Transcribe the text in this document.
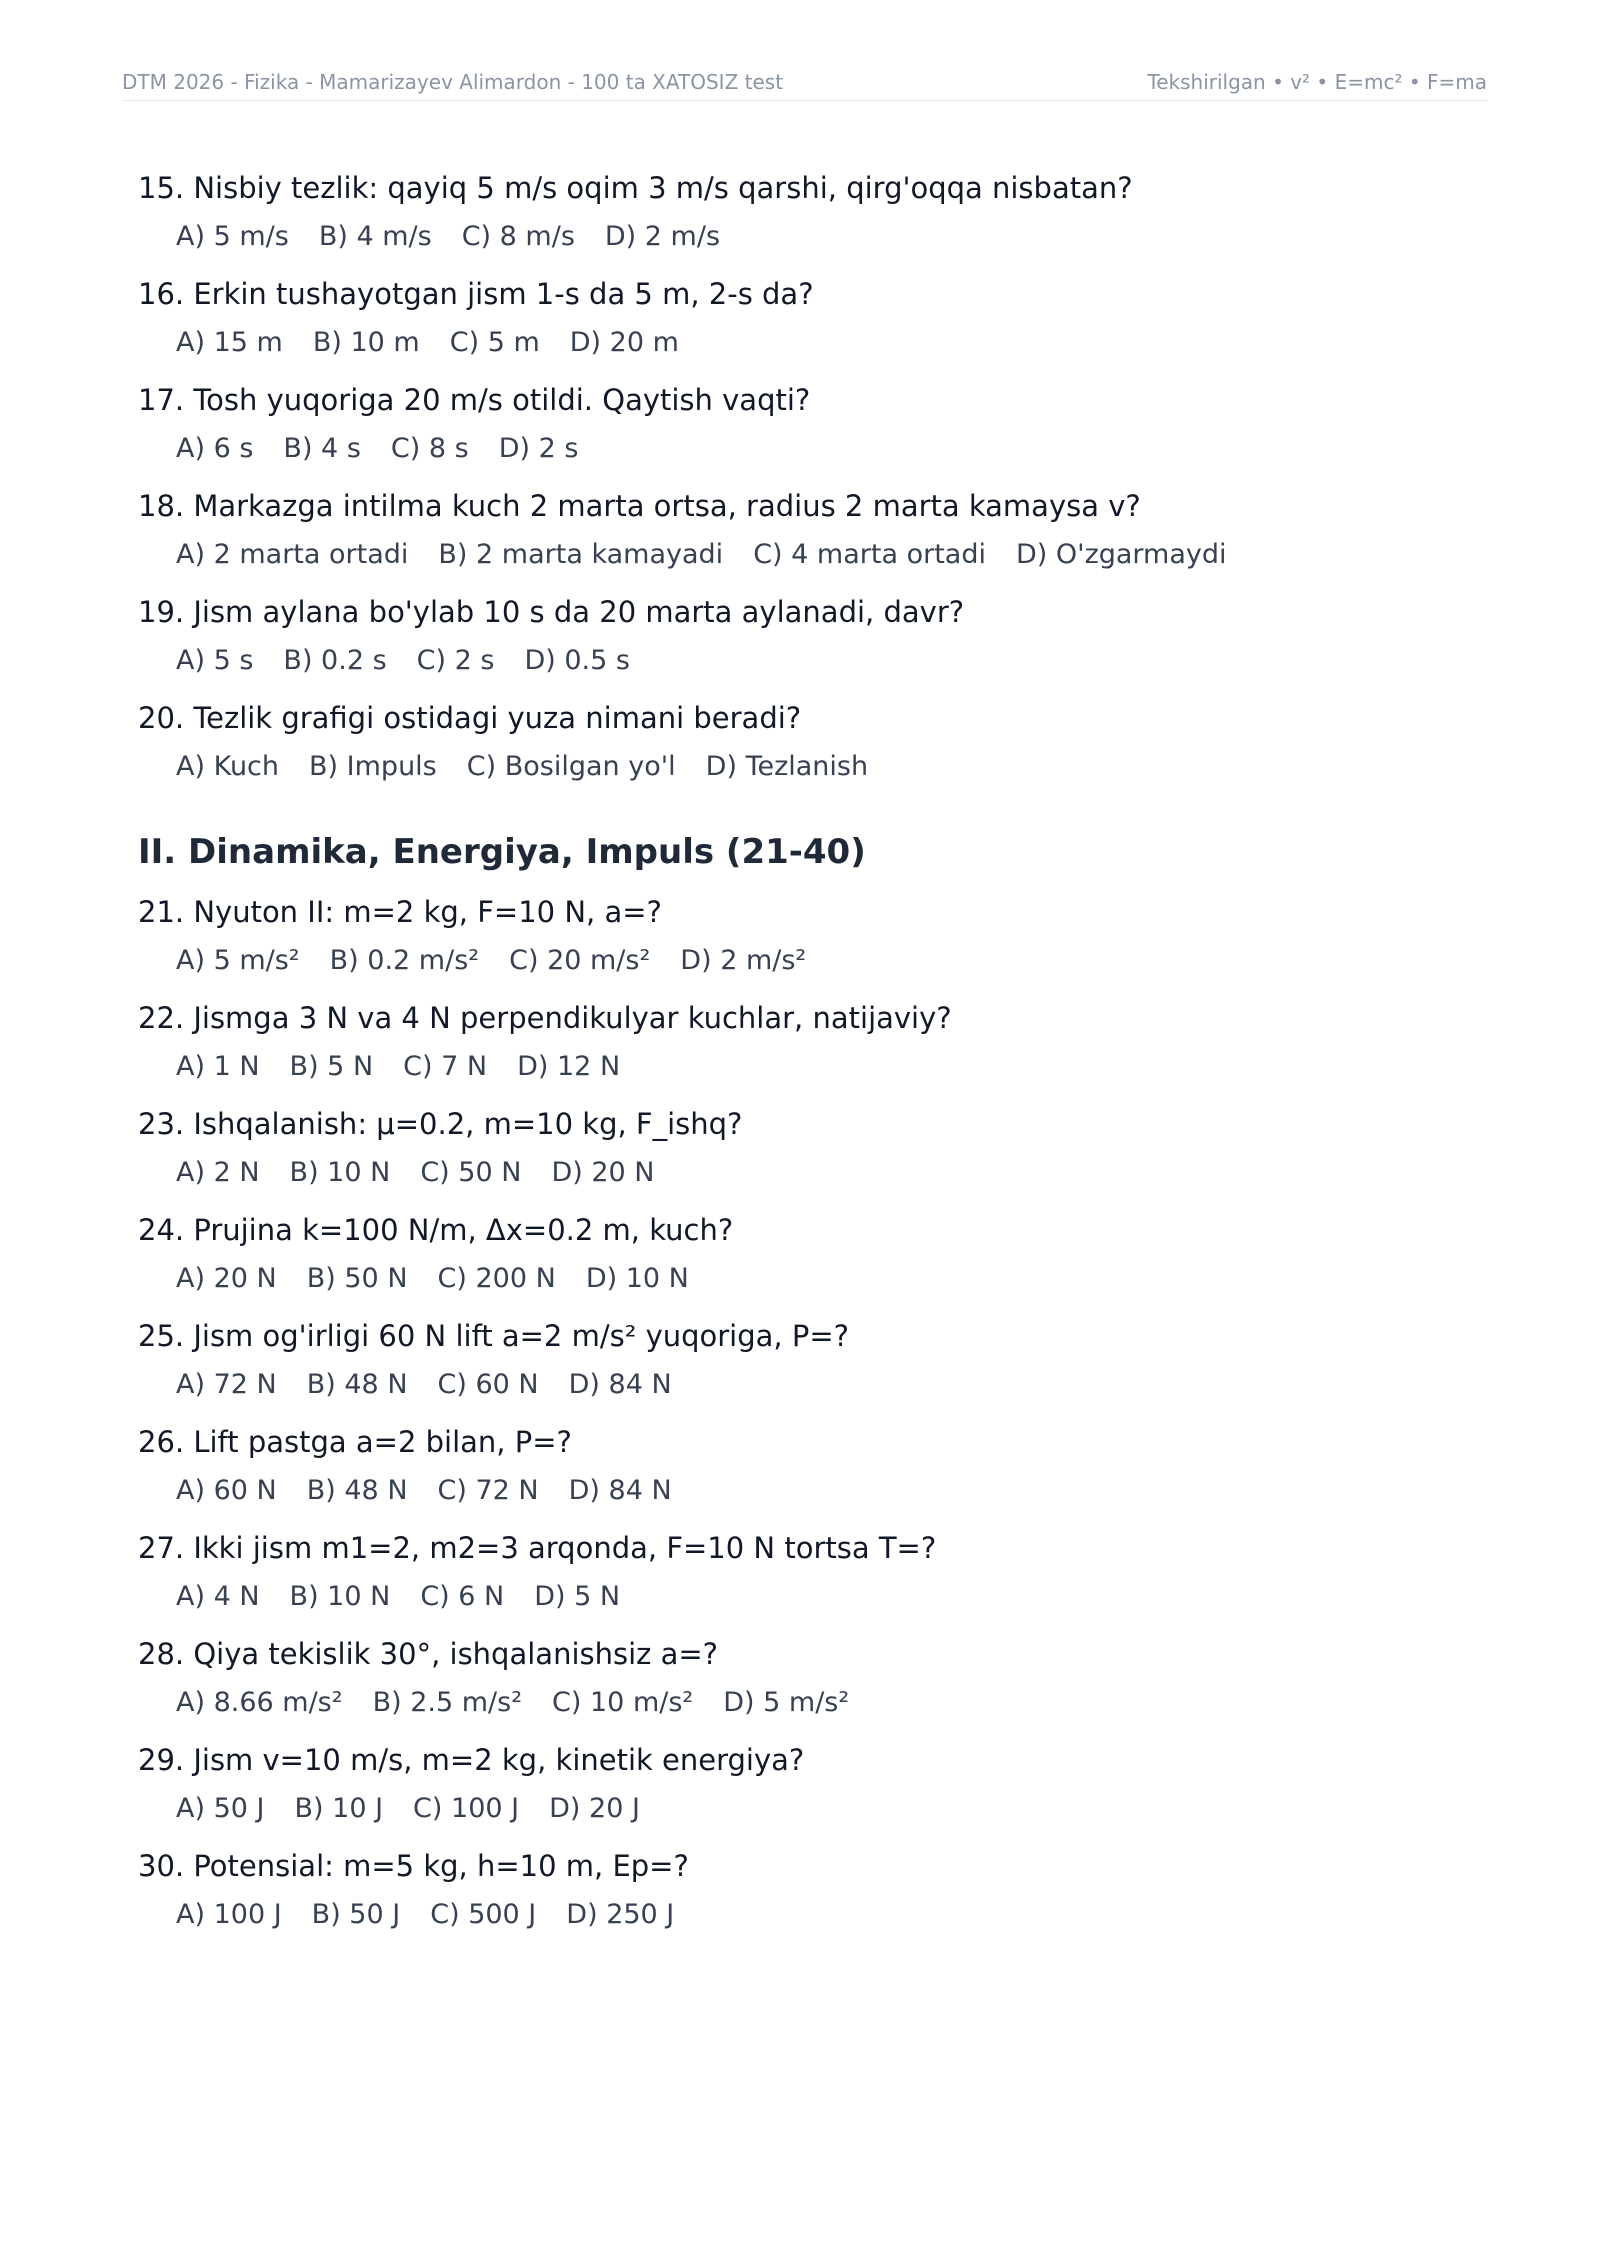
DTM 2026 - Fizika - Mamarizayev Alimardon - 100 ta XATOSIZ test	Tekshirilgan • v² • E=mc² • F=ma
15. Nisbiy tezlik: qayiq 5 m/s oqim 3 m/s qarshi, qirg'oqqa nisbatan?
A) 5 m/s B) 4 m/s C) 8 m/s D) 2 m/s
16. Erkin tushayotgan jism 1-s da 5 m, 2-s da?
A) 15 m B) 10 m C) 5 m D) 20 m
17. Tosh yuqoriga 20 m/s otildi. Qaytish vaqti?
A) 6 s B) 4 s C) 8 s D) 2 s
18. Markazga intilma kuch 2 marta ortsa, radius 2 marta kamaysa v?
A) 2 marta ortadi B) 2 marta kamayadi C) 4 marta ortadi D) O'zgarmaydi
19. Jism aylana bo'ylab 10 s da 20 marta aylanadi, davr?
A) 5 s B) 0.2 s C) 2 s D) 0.5 s
20. Tezlik grafigi ostidagi yuza nimani beradi?
A) Kuch B) Impuls C) Bosilgan yo'l D) Tezlanish
II. Dinamika, Energiya, Impuls (21-40)
21. Nyuton II: m=2 kg, F=10 N, a=?
A) 5 m/s² B) 0.2 m/s² C) 20 m/s² D) 2 m/s²
22. Jismga 3 N va 4 N perpendikulyar kuchlar, natijaviy?
A) 1 N B) 5 N C) 7 N D) 12 N
23. Ishqalanish: μ=0.2, m=10 kg, F_ishq?
A) 2 N B) 10 N C) 50 N D) 20 N
24. Prujina k=100 N/m, Δx=0.2 m, kuch?
A) 20 N B) 50 N C) 200 N D) 10 N
25. Jism og'irligi 60 N lift a=2 m/s² yuqoriga, P=?
A) 72 N B) 48 N C) 60 N D) 84 N
26. Lift pastga a=2 bilan, P=?
A) 60 N B) 48 N C) 72 N D) 84 N
27. Ikki jism m1=2, m2=3 arqonda, F=10 N tortsa T=?
A) 4 N B) 10 N C) 6 N D) 5 N
28. Qiya tekislik 30°, ishqalanishsiz a=?
A) 8.66 m/s² B) 2.5 m/s² C) 10 m/s² D) 5 m/s²
29. Jism v=10 m/s, m=2 kg, kinetik energiya?
A) 50 J B) 10 J C) 100 J D) 20 J
30. Potensial: m=5 kg, h=10 m, Ep=?
A) 100 J B) 50 J C) 500 J D) 250 J
